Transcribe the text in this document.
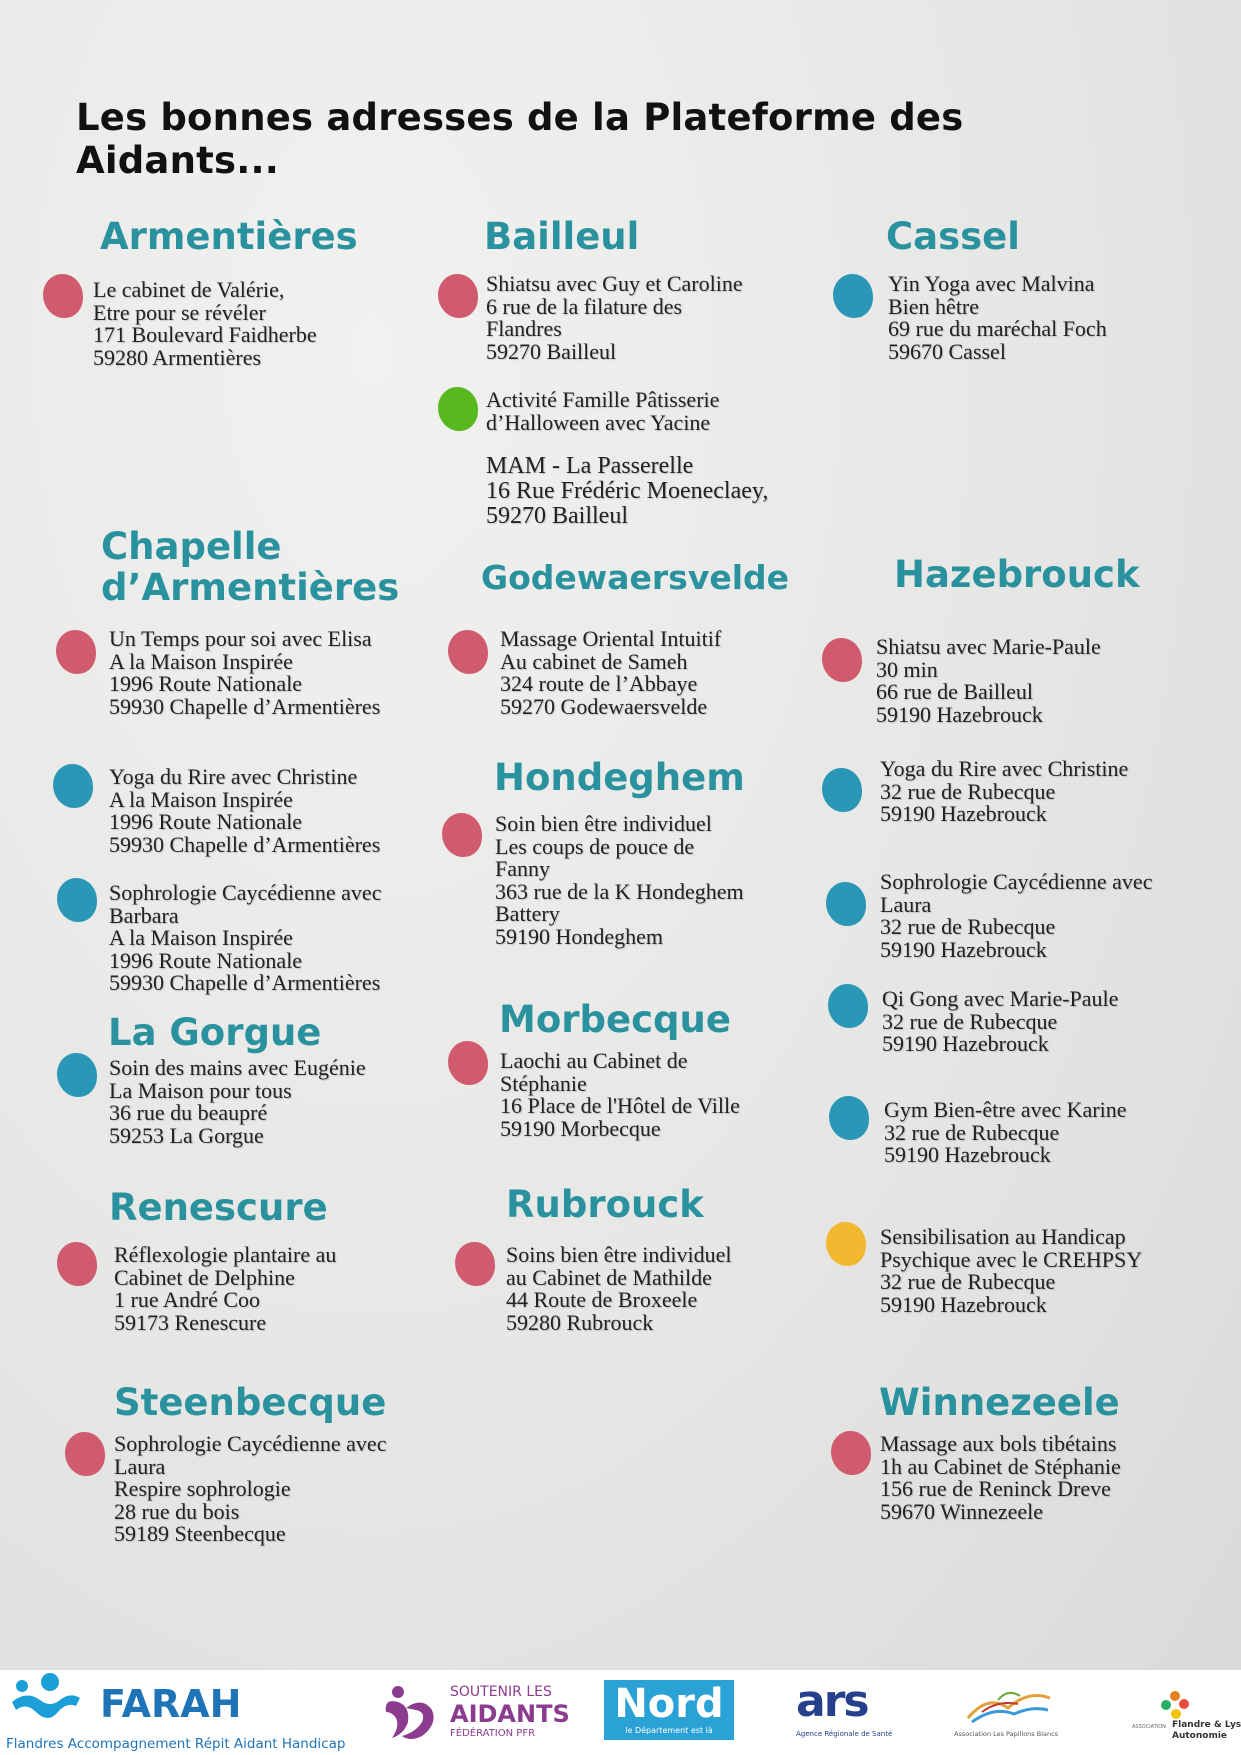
Les bonnes adresses de la Plateforme des Aidants...
Armentières	Bailleul	Cassel
Chapelle
d’Armentières Godewaersvelde	Hazebrouck
Hondeghem
La Gorgue	Morbecque
Renescure	Rubrouck
Steenbecque	Winnezeele
Le cabinet de Valérie,
Etre pour se révéler
171 Boulevard Faidherbe
59280 Armentières
Un Temps pour soi avec Elisa
A la Maison Inspirée
1996 Route Nationale
59930 Chapelle d’Armentières
Yoga du Rire avec Christine
A la Maison Inspirée
1996 Route Nationale
59930 Chapelle d’Armentières
Sophrologie Caycédienne avec
Barbara
A la Maison Inspirée
1996 Route Nationale
59930 Chapelle d’Armentières
Soin des mains avec Eugénie
La Maison pour tous
36 rue du beaupré
59253 La Gorgue
Réflexologie plantaire au
Cabinet de Delphine
1 rue André Coo
59173 Renescure
Sophrologie Caycédienne avec
Laura
Respire sophrologie
28 rue du bois
59189 Steenbecque
Shiatsu avec Guy et Caroline
6 rue de la filature des
Flandres
59270 Bailleul
Activité Famille Pâtisserie
d’Halloween avec Yacine
MAM - La Passerelle
16 Rue Frédéric Moeneclaey,
59270 Bailleul
Massage Oriental Intuitif
Au cabinet de Sameh
324 route de l’Abbaye
59270 Godewaersvelde
Soin bien être individuel
Les coups de pouce de
Fanny
363 rue de la K Hondeghem
Battery
59190 Hondeghem
Laochi au Cabinet de
Stéphanie
16 Place de l'Hôtel de Ville
59190 Morbecque
Soins bien être individuel
au Cabinet de Mathilde
44 Route de Broxeele
59280 Rubrouck
Yin Yoga avec Malvina
Bien hêtre
69 rue du maréchal Foch
59670 Cassel
Shiatsu avec Marie-Paule
30 min
66 rue de Bailleul
59190 Hazebrouck
Yoga du Rire avec Christine
32 rue de Rubecque
59190 Hazebrouck
Sophrologie Caycédienne avec
Laura
32 rue de Rubecque
59190 Hazebrouck
Qi Gong avec Marie-Paule
32 rue de Rubecque
59190 Hazebrouck
Gym Bien-être avec Karine
32 rue de Rubecque
59190 Hazebrouck
Sensibilisation au Handicap
Psychique avec le CREHPSY
32 rue de Rubecque
59190 Hazebrouck
Massage aux bols tibétains
1h au Cabinet de Stéphanie
156 rue de Reninck Dreve
59670 Winnezeele
FARAH
Flandres Accompagnement Répit Aidant Handicap
SOUTENIR LES
AIDANTS
FÉDÉRATION PFR
Nord
le Département est là
ars
Agence Régionale de Santé	Association Les Papillons Blancs
ASSOCIATION Flandre & Lys
Autonomie
